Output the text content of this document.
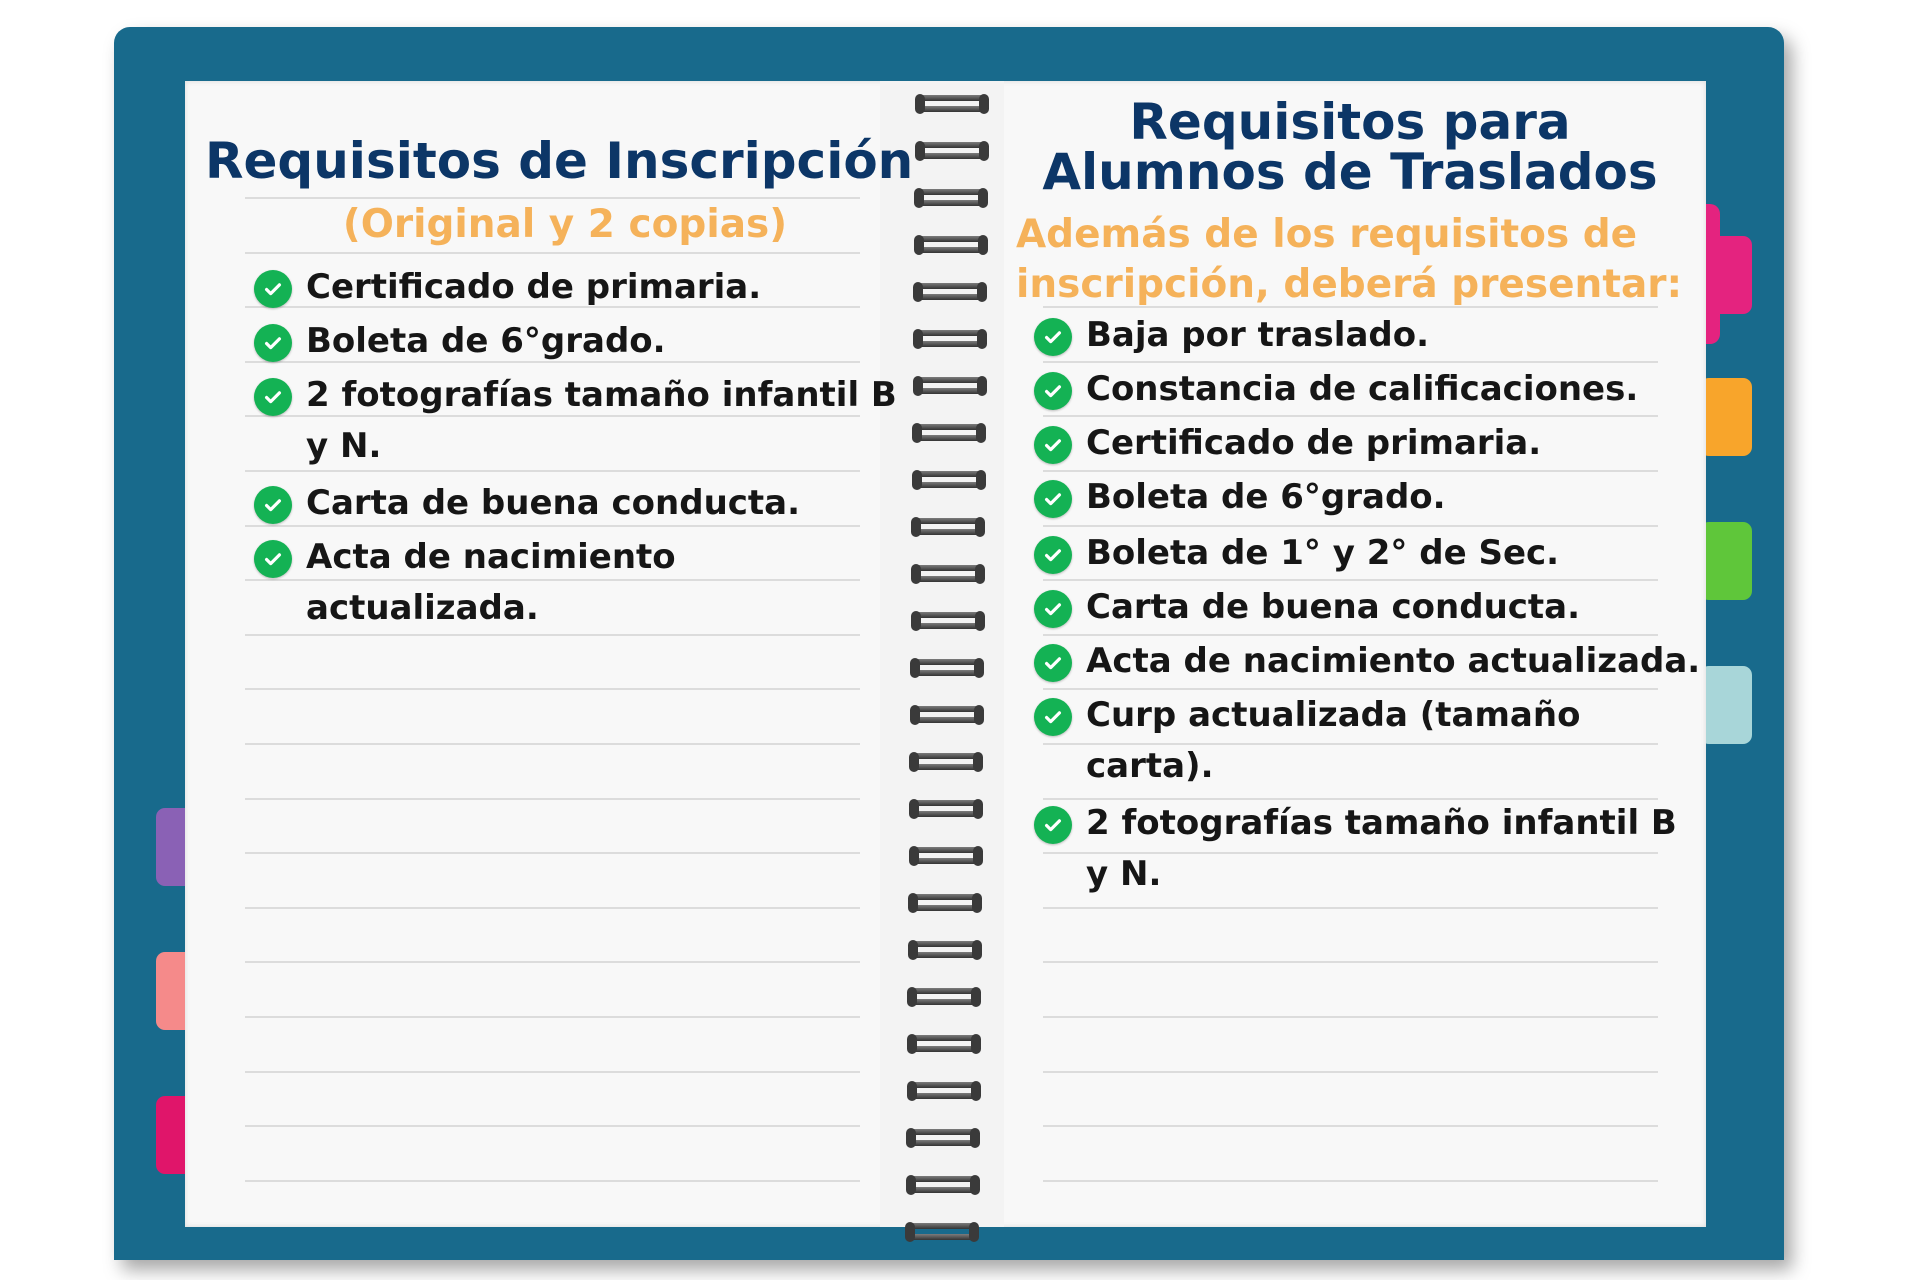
Requisitos de Inscripción
(Original y 2 copias)
Certificado de primaria.
Boleta de 6°grado.
2 fotografías tamaño infantil B
y N.
Carta de buena conducta.
Acta de nacimiento
actualizada.
Requisitos para
Alumnos de Traslados
Además de los requisitos de
inscripción, deberá presentar:
Baja por traslado.
Constancia de calificaciones.
Certificado de primaria.
Boleta de 6°grado.
Boleta de 1° y 2° de Sec.
Carta de buena conducta.
Acta de nacimiento actualizada.
Curp actualizada (tamaño
carta).
2 fotografías tamaño infantil B
y N.
